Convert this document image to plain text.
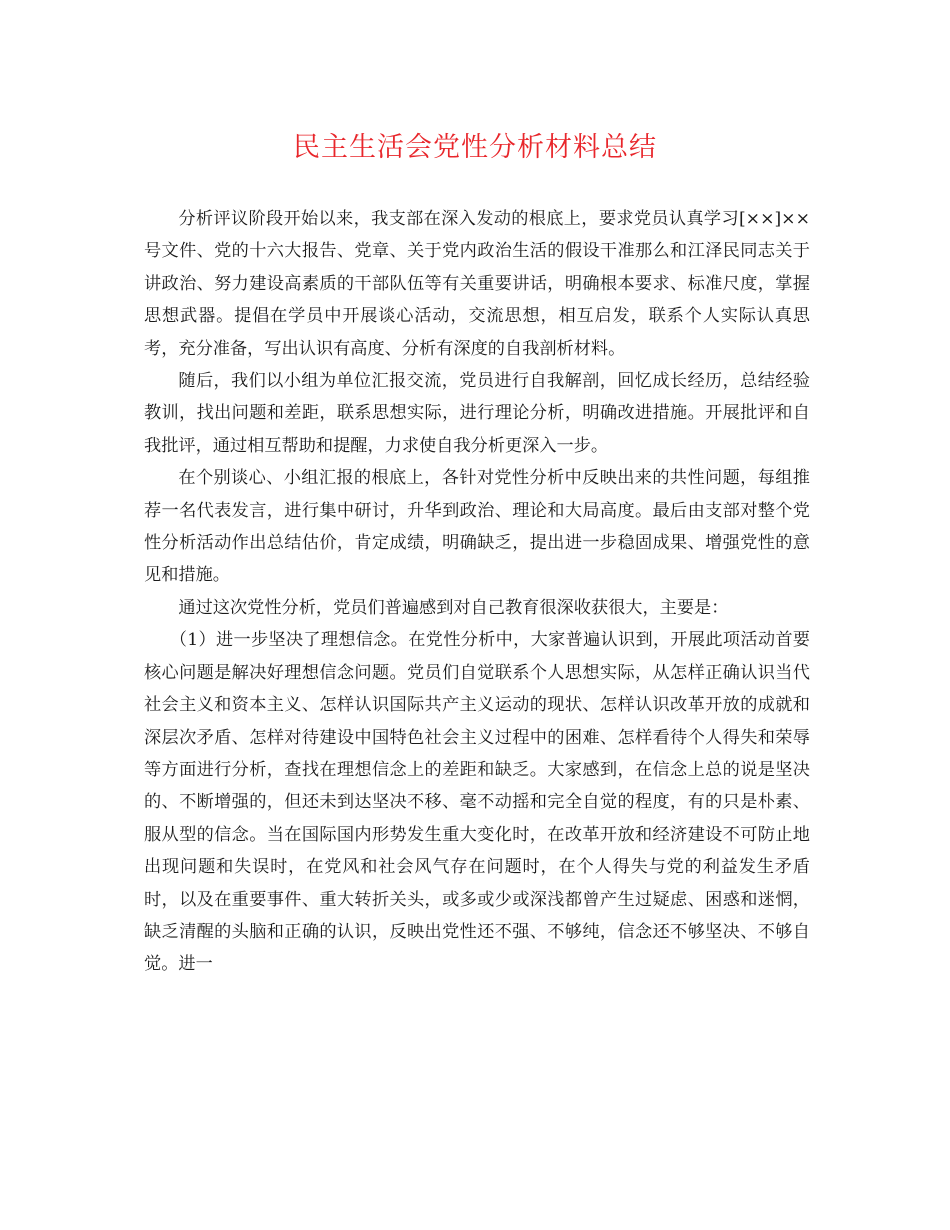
民主生活会党性分析材料总结

分析评议阶段开始以来，我支部在深入发动的根底上，要求党员认真学习[××]××号文件、党的十六大报告、党章、关于党内政治生活的假设干准那么和江泽民同志关于讲政治、努力建设高素质的干部队伍等有关重要讲话，明确根本要求、标准尺度，掌握思想武器。提倡在学员中开展谈心活动，交流思想，相互启发，联系个人实际认真思考，充分准备，写出认识有高度、分析有深度的自我剖析材料。

随后，我们以小组为单位汇报交流，党员进行自我解剖，回忆成长经历，总结经验教训，找出问题和差距，联系思想实际，进行理论分析，明确改进措施。开展批评和自我批评，通过相互帮助和提醒，力求使自我分析更深入一步。

在个别谈心、小组汇报的根底上，各针对党性分析中反映出来的共性问题，每组推荐一名代表发言，进行集中研讨，升华到政治、理论和大局高度。最后由支部对整个党性分析活动作出总结估价，肯定成绩，明确缺乏，提出进一步稳固成果、增强党性的意见和措施。

通过这次党性分析，党员们普遍感到对自己教育很深收获很大，主要是：

（1）进一步坚决了理想信念。在党性分析中，大家普遍认识到，开展此项活动首要核心问题是解决好理想信念问题。党员们自觉联系个人思想实际，从怎样正确认识当代社会主义和资本主义、怎样认识国际共产主义运动的现状、怎样认识改革开放的成就和深层次矛盾、怎样对待建设中国特色社会主义过程中的困难、怎样看待个人得失和荣辱等方面进行分析，查找在理想信念上的差距和缺乏。大家感到，在信念上总的说是坚决的、不断增强的，但还未到达坚决不移、毫不动摇和完全自觉的程度，有的只是朴素、服从型的信念。当在国际国内形势发生重大变化时，在改革开放和经济建设不可防止地出现问题和失误时，在党风和社会风气存在问题时，在个人得失与党的利益发生矛盾时，以及在重要事件、重大转折关头，或多或少或深浅都曾产生过疑虑、困惑和迷惘，缺乏清醒的头脑和正确的认识，反映出党性还不强、不够纯，信念还不够坚决、不够自觉。进一
